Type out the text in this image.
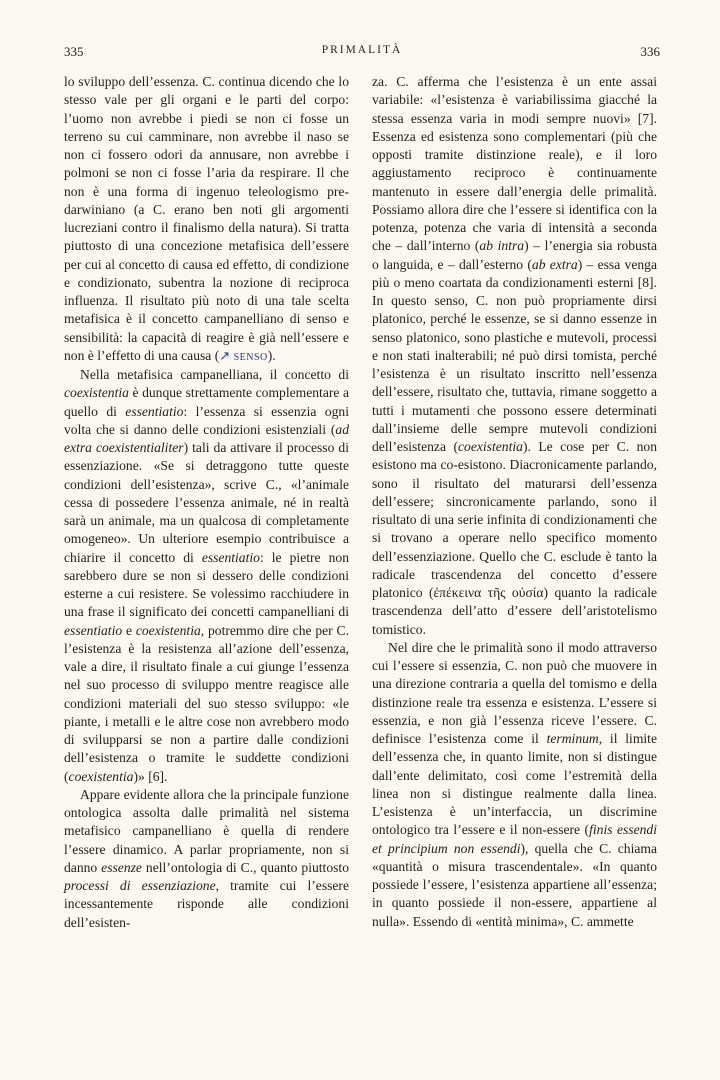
335	PRIMALITÀ	336

lo sviluppo dell’essenza. C. continua dicendo che lo stesso vale per gli organi e le parti del corpo: l’uomo non avrebbe i piedi se non ci fosse un terreno su cui camminare, non avrebbe il naso se non ci fossero odori da annusare, non avrebbe i polmoni se non ci fosse l’aria da respirare. Il che non è una forma di ingenuo teleologismo pre-darwiniano (a C. erano ben noti gli argomenti lucreziani contro il finalismo della natura). Si tratta piuttosto di una concezione metafisica dell’essere per cui al concetto di causa ed effetto, di condizione e condizionato, subentra la nozione di reciproca influenza. Il risultato più noto di una tale scelta metafisica è il concetto campanelliano di senso e sensibilità: la capacità di reagire è già nell’essere e non è l’effetto di una causa (↗ senso).

Nella metafisica campanelliana, il concetto di coexistentia è dunque strettamente complementare a quello di essentiatio: l’essenza si essenzia ogni volta che si danno delle condizioni esistenziali (ad extra coexistentialiter) tali da attivare il processo di essenziazione. «Se si detraggono tutte queste condizioni dell’esistenza», scrive C., «l’animale cessa di possedere l’essenza animale, né in realtà sarà un animale, ma un qualcosa di completamente omogeneo». Un ulteriore esempio contribuisce a chiarire il concetto di essentiatio: le pietre non sarebbero dure se non si dessero delle condizioni esterne a cui resistere. Se volessimo racchiudere in una frase il significato dei concetti campanelliani di essentiatio e coexistentia, potremmo dire che per C. l’esistenza è la resistenza all’azione dell’essenza, vale a dire, il risultato finale a cui giunge l’essenza nel suo processo di sviluppo mentre reagisce alle condizioni materiali del suo stesso sviluppo: «le piante, i metalli e le altre cose non avrebbero modo di svilupparsi se non a partire dalle condizioni dell’esistenza o tramite le suddette condizioni (coexistentia)» [6].

Appare evidente allora che la principale funzione ontologica assolta dalle primalità nel sistema metafisico campanelliano è quella di rendere l’essere dinamico. A parlar propriamente, non si danno essenze nell’ontologia di C., quanto piuttosto processi di essenziazione, tramite cui l’essere incessantemente risponde alle condizioni dell’esisten-

za. C. afferma che l’esistenza è un ente assai variabile: «l’esistenza è variabilissima giacché la stessa essenza varia in modi sempre nuovi» [7]. Essenza ed esistenza sono complementari (più che opposti tramite distinzione reale), e il loro aggiustamento reciproco è continuamente mantenuto in essere dall’energia delle primalità. Possiamo allora dire che l’essere si identifica con la potenza, potenza che varia di intensità a seconda che – dall’interno (ab intra) – l’energia sia robusta o languida, e – dall’esterno (ab extra) – essa venga più o meno coartata da condizionamenti esterni [8]. In questo senso, C. non può propriamente dirsi platonico, perché le essenze, se si danno essenze in senso platonico, sono plastiche e mutevoli, processi e non stati inalterabili; né può dirsi tomista, perché l’esistenza è un risultato inscritto nell’essenza dell’essere, risultato che, tuttavia, rimane soggetto a tutti i mutamenti che possono essere determinati dall’insieme delle sempre mutevoli condizioni dell’esistenza (coexistentia). Le cose per C. non esistono ma co-esistono. Diacronicamente parlando, sono il risultato del maturarsi dell’essenza dell’essere; sincronicamente parlando, sono il risultato di una serie infinita di condizionamenti che si trovano a operare nello specifico momento dell’essenziazione. Quello che C. esclude è tanto la radicale trascendenza del concetto d’essere platonico (ἐπέκεινα τῆς οὐσία) quanto la radicale trascendenza dell’atto d’essere dell’aristotelismo tomistico.

Nel dire che le primalità sono il modo attraverso cui l’essere si essenzia, C. non può che muovere in una direzione contraria a quella del tomismo e della distinzione reale tra essenza e esistenza. L’essere si essenzia, e non già l’essenza riceve l’essere. C. definisce l’esistenza come il terminum, il limite dell’essenza che, in quanto limite, non si distingue dall’ente delimitato, così come l’estremità della linea non si distingue realmente dalla linea. L’esistenza è un’interfaccia, un discrimine ontologico tra l’essere e il non-essere (finis essendi et principium non essendi), quella che C. chiama «quantità o misura trascendentale». «In quanto possiede l’essere, l’esistenza appartiene all’essenza; in quanto possiede il non-essere, appartiene al nulla». Essendo di «entità minima», C. ammette
